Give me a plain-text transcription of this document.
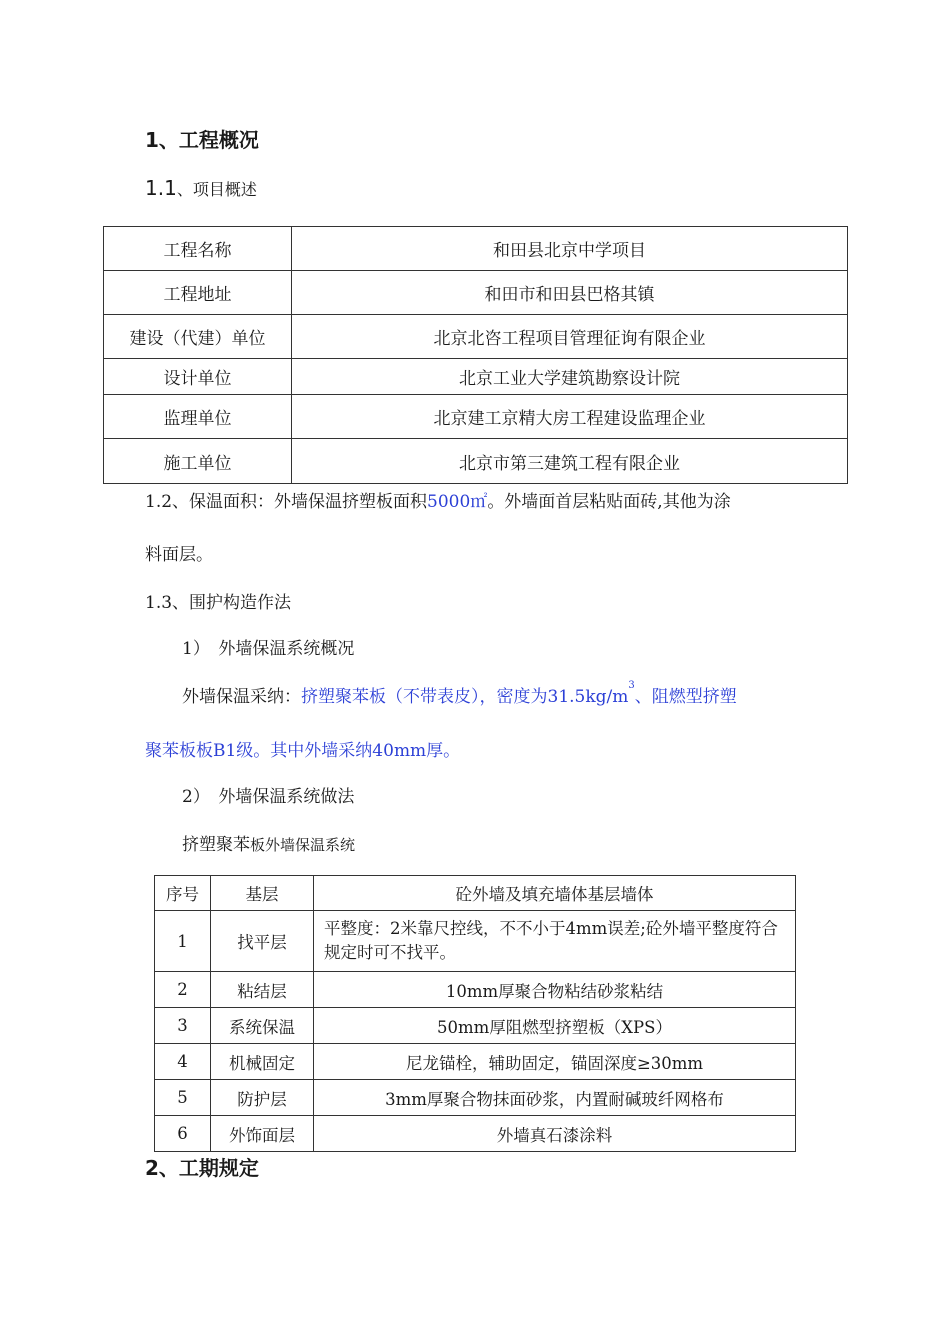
1、工程概况
1.1、项目概述
工程名称	和田县北京中学项目
工程地址	和田市和田县巴格其镇
建设（代建）单位	北京北咨工程项目管理征询有限企业
设计单位	北京工业大学建筑勘察设计院
监理单位	北京建工京精大房工程建设监理企业
施工单位	北京市第三建筑工程有限企业
1.2、保温面积：外墙保温挤塑板面积5000㎡。外墙面首层粘贴面砖,其他为涂
料面层。
1.3、围护构造作法
1）　外墙保温系统概况
外墙保温采纳：挤塑聚苯板（不带表皮），密度为$31.5kg/m^3$、阻燃型挤塑
聚苯板板B1级。其中外墙采纳40mm厚。
2）　外墙保温系统做法
挤塑聚苯板外墙保温系统
序号	基层	砼外墙及填充墙体基层墙体
1	找平层	平整度：2米靠尺控线，不不小于4mm误差;砼外墙平整度符合规定时可不找平。
2	粘结层	10mm厚聚合物粘结砂浆粘结
3	系统保温	50mm厚阻燃型挤塑板（XPS）
4	机械固定	尼龙锚栓，辅助固定，锚固深度≥30mm
5	防护层	3mm厚聚合物抹面砂浆，内置耐碱玻纤网格布
6	外饰面层	外墙真石漆涂料
2、工期规定
